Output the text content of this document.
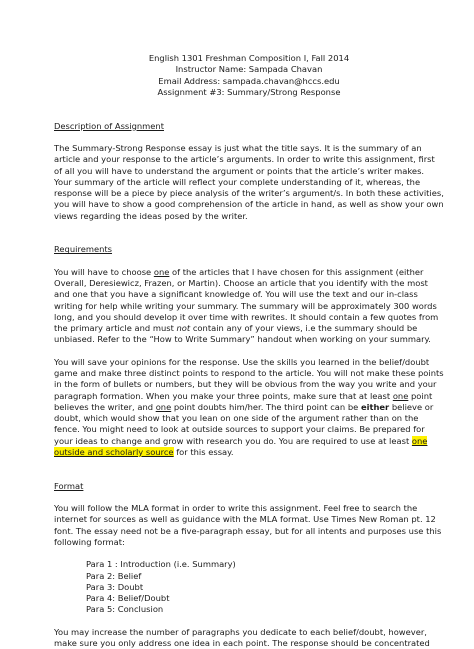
English 1301 Freshman Composition I, Fall 2014
Instructor Name: Sampada Chavan
Email Address: sampada.chavan@hccs.edu
Assignment #3: Summary/Strong Response
Description of Assignment
The Summary-Strong Response essay is just what the title says. It is the summary of an article and your response to the article’s arguments. In order to write this assignment, first of all you will have to understand the argument or points that the article’s writer makes. Your summary of the article will reflect your complete understanding of it, whereas, the response will be a piece by piece analysis of the writer’s argument/s. In both these activities, you will have to show a good comprehension of the article in hand, as well as show your own views regarding the ideas posed by the writer.
Requirements
You will have to choose one of the articles that I have chosen for this assignment (either Overall, Deresiewicz, Frazen, or Martin). Choose an article that you identify with the most and one that you have a significant knowledge of. You will use the text and our in-class writing for help while writing your summary. The summary will be approximately 300 words long, and you should develop it over time with rewrites. It should contain a few quotes from the primary article and must not contain any of your views, i.e the summary should be unbiased. Refer to the “How to Write Summary” handout when working on your summary.
You will save your opinions for the response. Use the skills you learned in the belief/doubt game and make three distinct points to respond to the article. You will not make these points in the form of bullets or numbers, but they will be obvious from the way you write and your paragraph formation. When you make your three points, make sure that at least one point believes the writer, and one point doubts him/her. The third point can be either believe or doubt, which would show that you lean on one side of the argument rather than on the fence. You might need to look at outside sources to support your claims. Be prepared for your ideas to change and grow with research you do. You are required to use at least one outside and scholarly source for this essay.
Format
You will follow the MLA format in order to write this assignment. Feel free to search the internet for sources as well as guidance with the MLA format. Use Times New Roman pt. 12 font. The essay need not be a five-paragraph essay, but for all intents and purposes use this following format:
Para 1 : Introduction (i.e. Summary)
Para 2: Belief
Para 3: Doubt
Para 4: Belief/Doubt
Para 5: Conclusion
You may increase the number of paragraphs you dedicate to each belief/doubt, however, make sure you only address one idea in each point. The response should be concentrated
